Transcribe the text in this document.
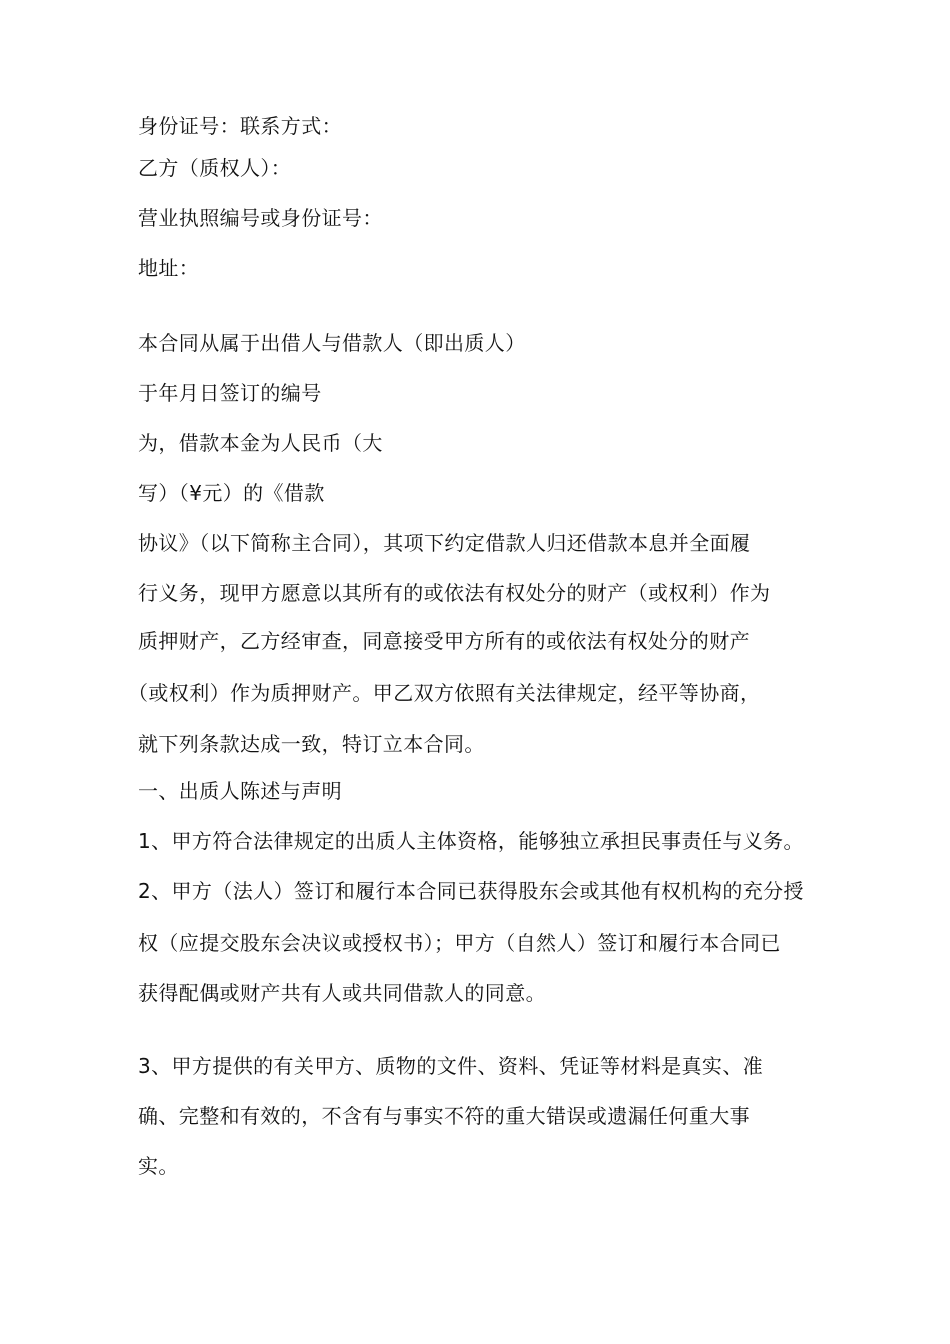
身份证号：联系方式：
乙方（质权人）：
营业执照编号或身份证号：
地址：
本合同从属于出借人与借款人（即出质人）
于年月日签订的编号
为，借款本金为人民币（大
写）（¥元）的《借款
协议》（以下简称主合同），其项下约定借款人归还借款本息并全面履
行义务，现甲方愿意以其所有的或依法有权处分的财产（或权利）作为
质押财产，乙方经审查，同意接受甲方所有的或依法有权处分的财产
（或权利）作为质押财产。甲乙双方依照有关法律规定，经平等协商，
就下列条款达成一致，特订立本合同。
一、出质人陈述与声明
1、甲方符合法律规定的出质人主体资格，能够独立承担民事责任与义务。
2、甲方（法人）签订和履行本合同已获得股东会或其他有权机构的充分授
权（应提交股东会决议或授权书）；甲方（自然人）签订和履行本合同已
获得配偶或财产共有人或共同借款人的同意。
3、甲方提供的有关甲方、质物的文件、资料、凭证等材料是真实、准
确、完整和有效的，不含有与事实不符的重大错误或遗漏任何重大事
实。
